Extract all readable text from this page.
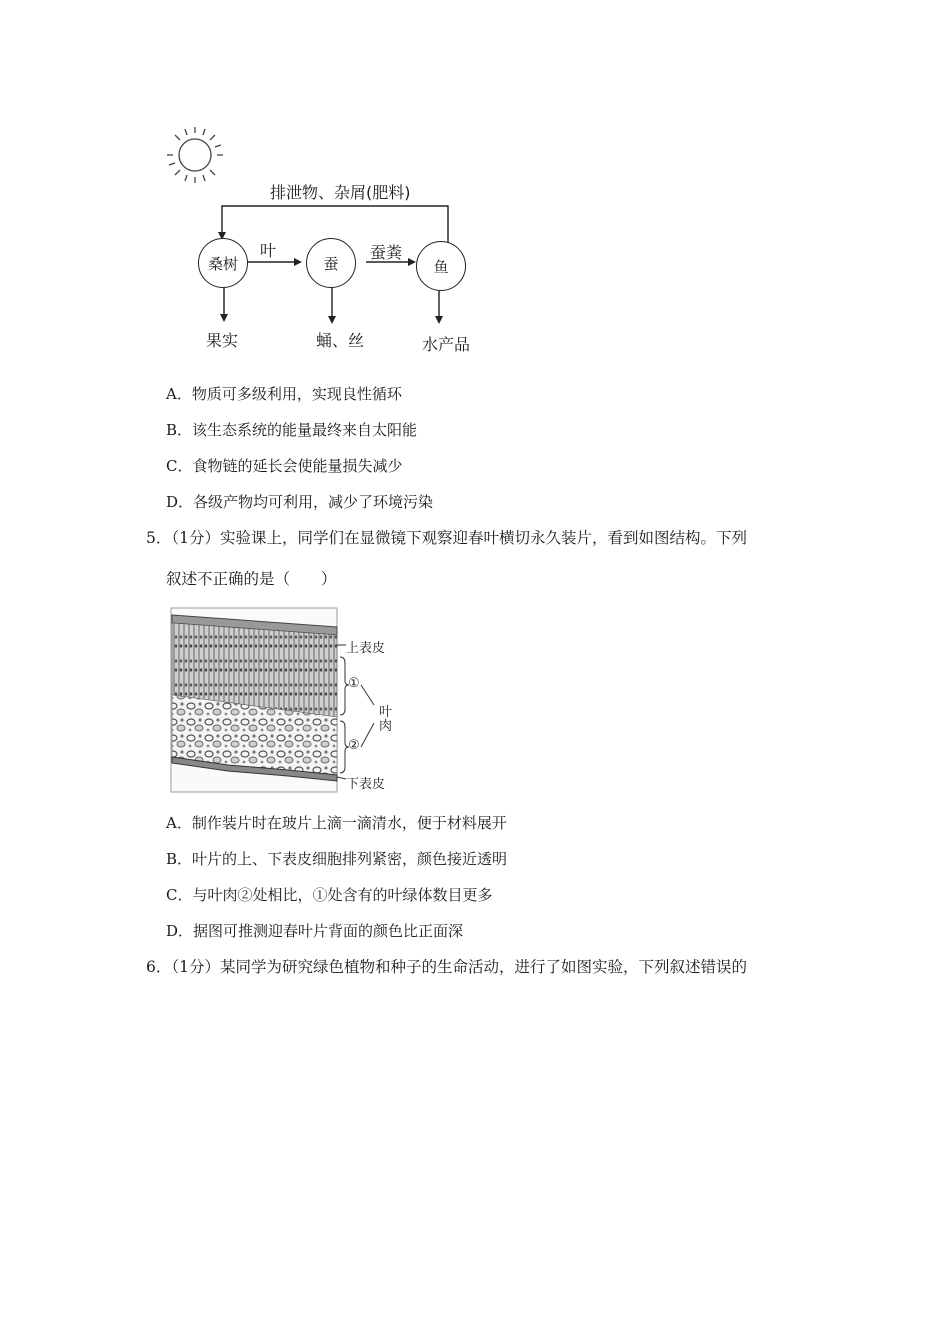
排泄物、杂屑(肥料)
桑树	蚕	鱼
叶	蚕粪
果实	蛹、丝	水产品
A．物质可多级利用，实现良性循环
B．该生态系统的能量最终来自太阳能
C．食物链的延长会使能量损失减少
D．各级产物均可利用，减少了环境污染
5．（1分）实验课上，同学们在显微镜下观察迎春叶横切永久装片，看到如图结构。下列
叙述不正确的是（　　）
上表皮
①
②
叶
肉
下表皮
A．制作装片时在玻片上滴一滴清水，便于材料展开
B．叶片的上、下表皮细胞排列紧密，颜色接近透明
C．与叶肉②处相比，①处含有的叶绿体数目更多
D．据图可推测迎春叶片背面的颜色比正面深
6．（1分）某同学为研究绿色植物和种子的生命活动，进行了如图实验，下列叙述错误的
